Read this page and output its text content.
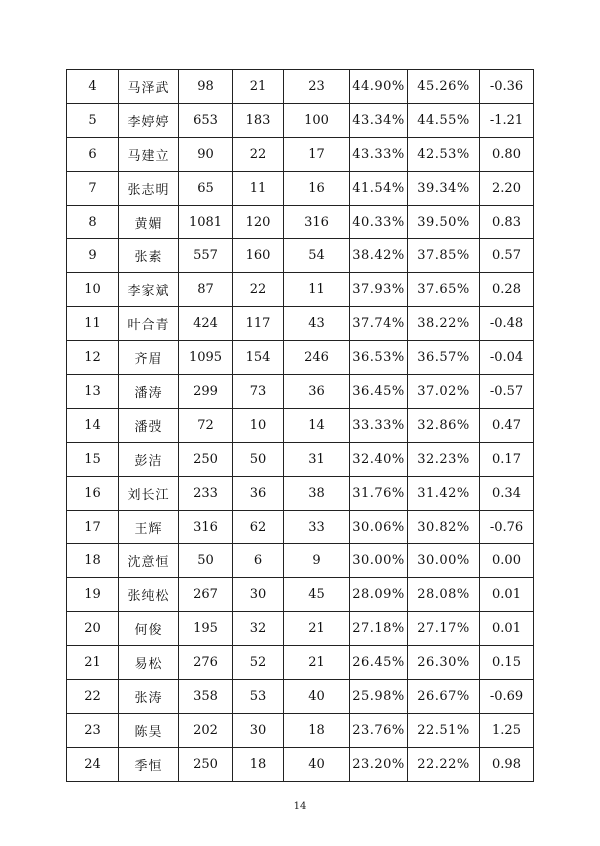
4	马泽武	98	21	23	44.90%	45.26%	-0.36
5	李婷婷	653	183	100	43.34%	44.55%	-1.21
6	马建立	90	22	17	43.33%	42.53%	0.80
7	张志明	65	11	16	41.54%	39.34%	2.20
8	黄媚	1081	120	316	40.33%	39.50%	0.83
9	张素	557	160	54	38.42%	37.85%	0.57
10	李家斌	87	22	11	37.93%	37.65%	0.28
11	叶合青	424	117	43	37.74%	38.22%	-0.48
12	齐眉	1095	154	246	36.53%	36.57%	-0.04
13	潘涛	299	73	36	36.45%	37.02%	-0.57
14	潘弢	72	10	14	33.33%	32.86%	0.47
15	彭洁	250	50	31	32.40%	32.23%	0.17
16	刘长江	233	36	38	31.76%	31.42%	0.34
17	王辉	316	62	33	30.06%	30.82%	-0.76
18	沈意恒	50	6	9	30.00%	30.00%	0.00
19	张纯松	267	30	45	28.09%	28.08%	0.01
20	何俊	195	32	21	27.18%	27.17%	0.01
21	易松	276	52	21	26.45%	26.30%	0.15
22	张涛	358	53	40	25.98%	26.67%	-0.69
23	陈昊	202	30	18	23.76%	22.51%	1.25
24	季恒	250	18	40	23.20%	22.22%	0.98
14
